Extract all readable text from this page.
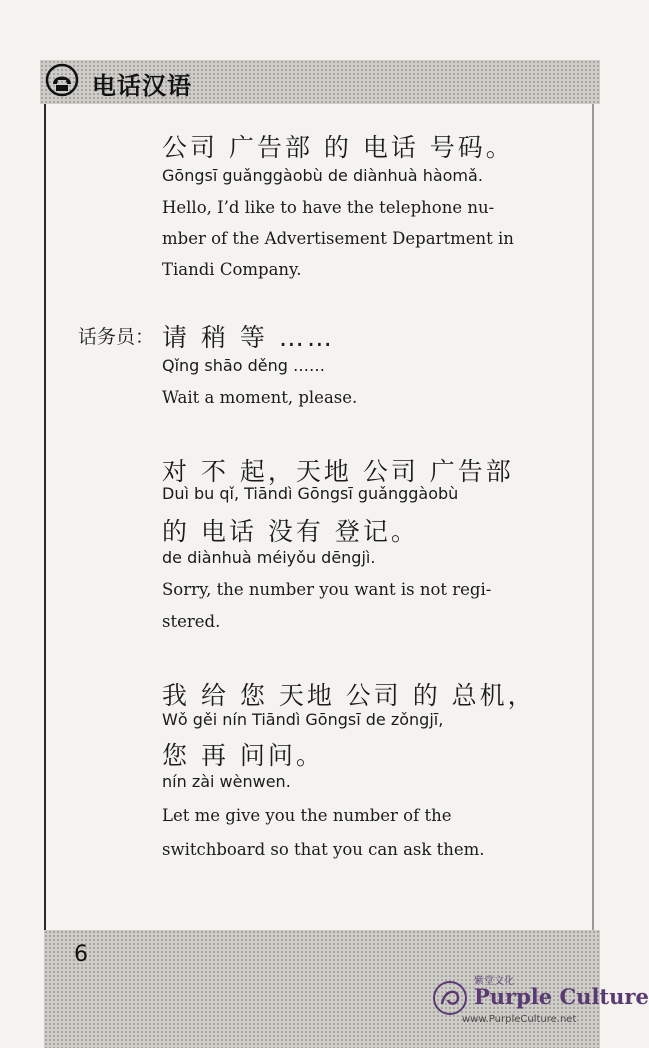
电话汉语
公司 广告部 的 电话 号码。
Gōngsī guǎnggàobù de diànhuà hàomǎ.
Hello, I’d like to have the telephone nu-
mber of the Advertisement Department in
Tiandi Company.
话务员： 请 稍 等 ……
Qǐng shāo děng ……
Wait a moment, please.
对 不 起，天地 公司 广告部
Duì bu qǐ, Tiāndì Gōngsī guǎnggàobù
的 电话 没有 登记。
de diànhuà méiyǒu dēngjì.
Sorry, the number you want is not regi-
stered.
我 给 您 天地 公司 的 总机，
Wǒ gěi nín Tiāndì Gōngsī de zǒngjī,
您 再 问问。
nín zài wènwen.
Let me give you the number of the
switchboard so that you can ask them.
6
紫堂文化
Purple Culture
www.PurpleCulture.net
